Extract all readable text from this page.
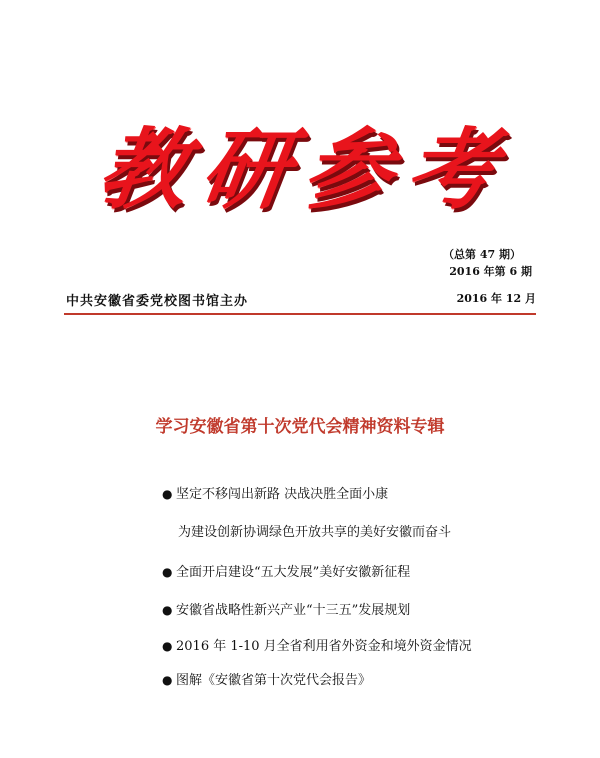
教
研
参
考
（总第 47 期）
2016 年第 6 期
中共安徽省委党校图书馆主办	2016 年 12 月
学习安徽省第十次党代会精神资料专辑
● 坚定不移闯出新路 决战决胜全面小康
为建设创新协调绿色开放共享的美好安徽而奋斗
● 全面开启建设“五大发展”美好安徽新征程
● 安徽省战略性新兴产业“十三五”发展规划
● 2016 年 1-10 月全省利用省外资金和境外资金情况
● 图解《安徽省第十次党代会报告》
